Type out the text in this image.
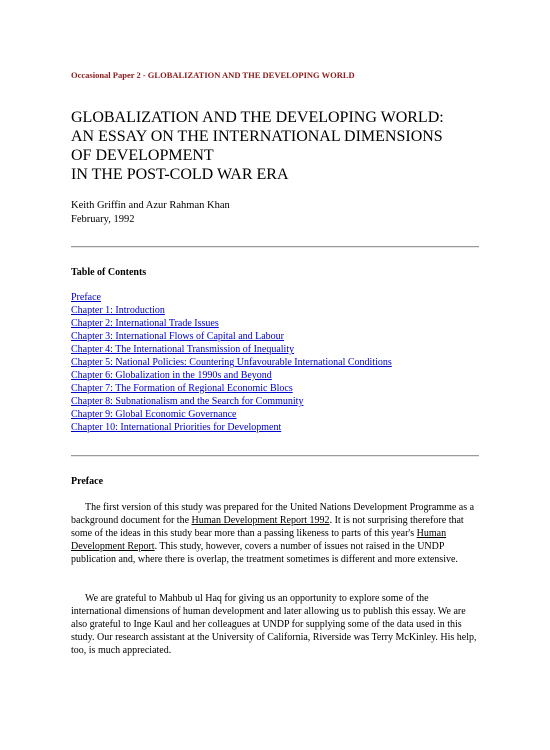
Occasional Paper 2 - GLOBALIZATION AND THE DEVELOPING WORLD
GLOBALIZATION AND THE DEVELOPING WORLD:
AN ESSAY ON THE INTERNATIONAL DIMENSIONS
OF DEVELOPMENT
IN THE POST-COLD WAR ERA
Keith Griffin and Azur Rahman Khan
February, 1992
Table of Contents
Preface
Chapter 1: Introduction
Chapter 2: International Trade Issues
Chapter 3: International Flows of Capital and Labour
Chapter 4: The International Transmission of Inequality
Chapter 5: National Policies: Countering Unfavourable International Conditions
Chapter 6: Globalization in the 1990s and Beyond
Chapter 7: The Formation of Regional Economic Blocs
Chapter 8: Subnationalism and the Search for Community
Chapter 9: Global Economic Governance
Chapter 10: International Priorities for Development
Preface

The first version of this study was prepared for the United Nations Development Programme as a background document for the Human Development Report 1992. It is not surprising therefore that some of the ideas in this study bear more than a passing likeness to parts of this year's Human Development Report. This study, however, covers a number of issues not raised in the UNDP publication and, where there is overlap, the treatment sometimes is different and more extensive.

We are grateful to Mahbub ul Haq for giving us an opportunity to explore some of the international dimensions of human development and later allowing us to publish this essay. We are also grateful to Inge Kaul and her colleagues at UNDP for supplying some of the data used in this study. Our research assistant at the University of California, Riverside was Terry McKinley. His help, too, is much appreciated.
